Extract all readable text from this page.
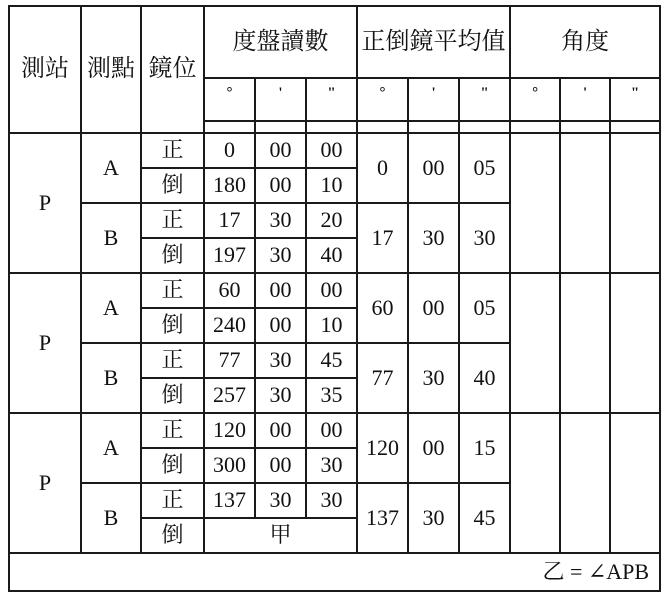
測站	測點	鏡位	度盤讀數			正倒鏡平均值			角度		
			°	'	"	°	'	"	°	'	"

P	A	正	0	00	00	0	00	05			
		倒	180	00	10						
	B	正	17	30	20	17	30	30			
		倒	197	30	40						
P	A	正	60	00	00	60	00	05			
		倒	240	00	10						
	B	正	77	30	45	77	30	40			
		倒	257	30	35						
P	A	正	120	00	00	120	00	15			
		倒	300	00	30						
	B	正	137	30	30	137	30	45			
		倒	甲								
乙 = ∠APB											
